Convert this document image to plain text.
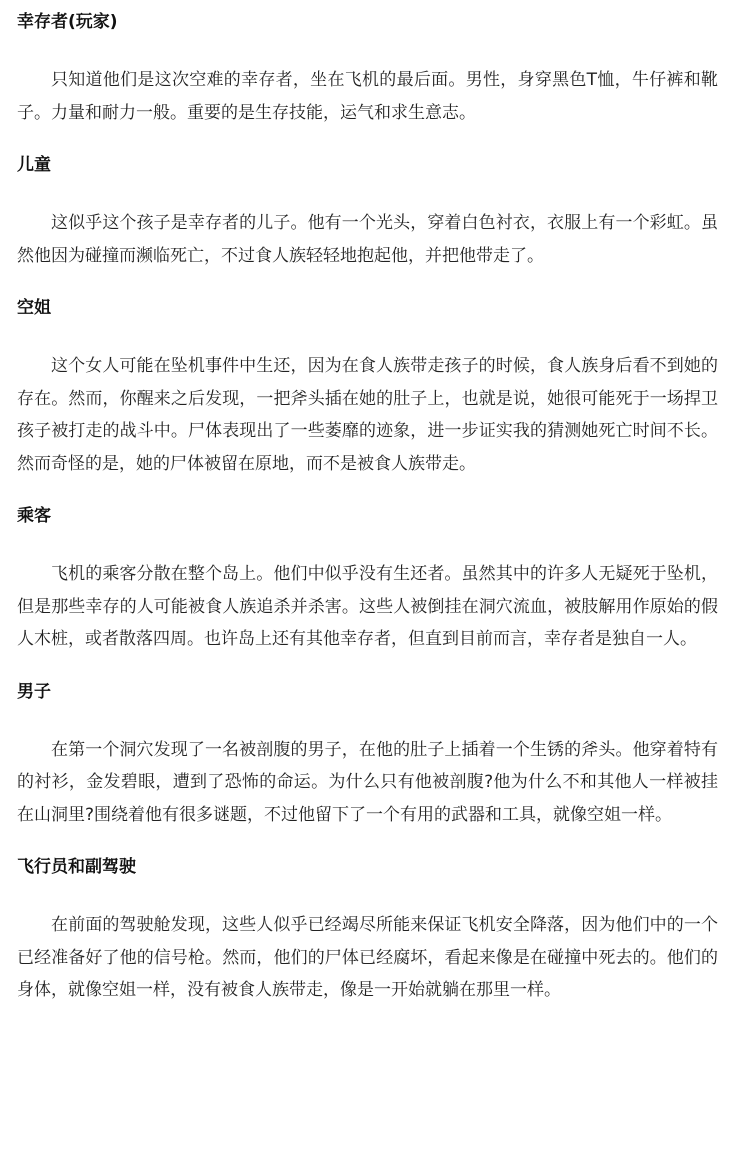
幸存者(玩家)

只知道他们是这次空难的幸存者，坐在飞机的最后面。男性，身穿黑色T恤，牛仔裤和靴子。力量和耐力一般。重要的是生存技能，运气和求生意志。

儿童

这似乎这个孩子是幸存者的儿子。他有一个光头，穿着白色衬衣，衣服上有一个彩虹。虽然他因为碰撞而濒临死亡，不过食人族轻轻地抱起他，并把他带走了。

空姐

这个女人可能在坠机事件中生还，因为在食人族带走孩子的时候，食人族身后看不到她的存在。然而，你醒来之后发现，一把斧头插在她的肚子上，也就是说，她很可能死于一场捍卫孩子被打走的战斗中。尸体表现出了一些萎靡的迹象，进一步证实我的猜测她死亡时间不长。然而奇怪的是，她的尸体被留在原地，而不是被食人族带走。

乘客

飞机的乘客分散在整个岛上。他们中似乎没有生还者。虽然其中的许多人无疑死于坠机，但是那些幸存的人可能被食人族追杀并杀害。这些人被倒挂在洞穴流血，被肢解用作原始的假人木桩，或者散落四周。也许岛上还有其他幸存者，但直到目前而言，幸存者是独自一人。

男子

在第一个洞穴发现了一名被剖腹的男子，在他的肚子上插着一个生锈的斧头。他穿着特有的衬衫，金发碧眼，遭到了恐怖的命运。为什么只有他被剖腹?他为什么不和其他人一样被挂在山洞里?围绕着他有很多谜题，不过他留下了一个有用的武器和工具，就像空姐一样。

飞行员和副驾驶

在前面的驾驶舱发现，这些人似乎已经竭尽所能来保证飞机安全降落，因为他们中的一个已经准备好了他的信号枪。然而，他们的尸体已经腐坏，看起来像是在碰撞中死去的。他们的身体，就像空姐一样，没有被食人族带走，像是一开始就躺在那里一样。
